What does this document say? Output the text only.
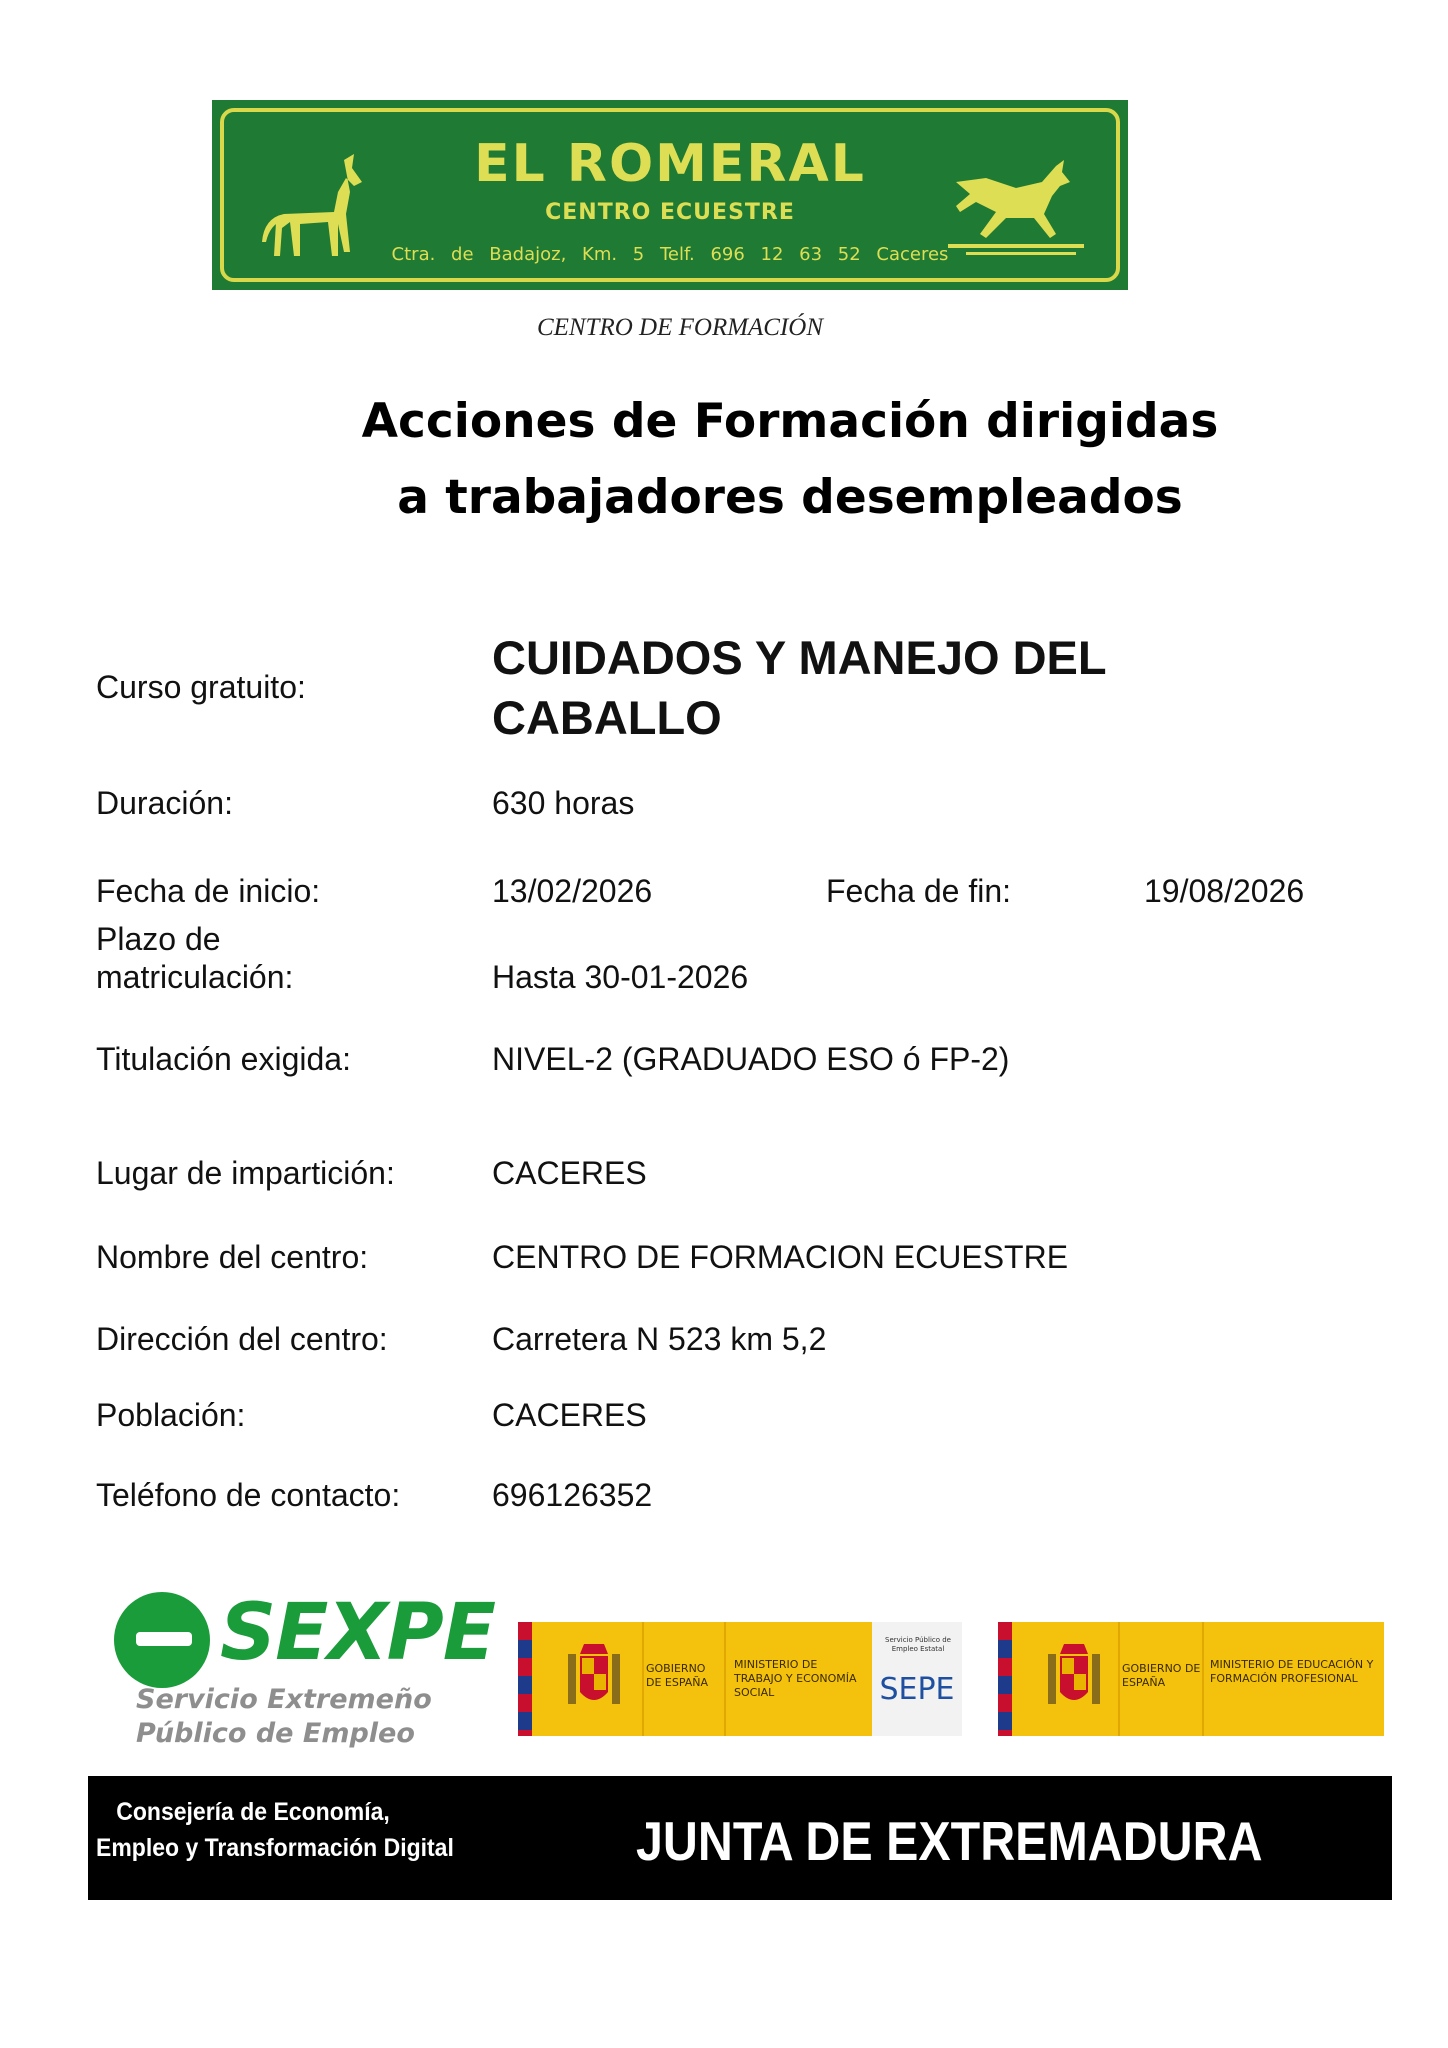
EL ROMERAL
CENTRO ECUESTRE
Ctra. de Badajoz, Km. 5 Telf. 696 12 63 52 Caceres
CENTRO DE FORMACIÓN
Acciones de Formación dirigidas
a trabajadores desempleados
Curso gratuito:
CUIDADOS Y MANEJO DEL
CABALLO
Duración:	630 horas
Fecha de inicio:	13/02/2026	Fecha de fin:	19/08/2026
Plazo de
matriculación:	Hasta 30-01-2026
Titulación exigida:	NIVEL-2 (GRADUADO ESO ó FP-2)
Lugar de impartición:	CACERES
Nombre del centro:	CENTRO DE FORMACION ECUESTRE
Dirección del centro:	Carretera N 523 km 5,2
Población:	CACERES
Teléfono de contacto:	696126352
SEXPE
Servicio Extremeño
Público de Empleo
GOBIERNO DE ESPAÑA
MINISTERIO DE TRABAJO Y ECONOMÍA SOCIAL
Servicio Público de Empleo Estatal
SEPE
GOBIERNO DE ESPAÑA
MINISTERIO DE EDUCACIÓN Y FORMACIÓN PROFESIONAL
Consejería de Economía,
Empleo y Transformación Digital	JUNTA DE EXTREMADURA
